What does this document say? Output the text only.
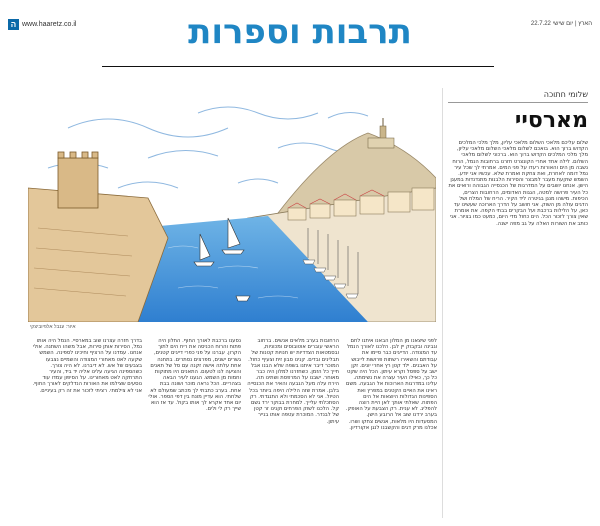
ה www.haaretz.co.il	תרבות וספרות	הארץ | יום שישי 22.7.22
איור: ענבל אלפיוביצקי
שלומי חתוכה
מארסיי
שלום עליכם מלאכי השלום מלאכי עליון, מלך מלכי המלכים הקדוש ברוך הוא. בואכם לשלום מלאכי השלום מלאכי עליון, מלך מלכי המלכים הקדוש ברוך הוא. ברכוני לשלום מלאכי השלום. לילה אחד אחרי הקונצרט חזרנו ברחובות הנמל, הרוח נשבה מן הים והאורות רעדו על פני המים. אמרתי לך שכל עיר נמל דומה לאחרת, ואת צחקת ואמרת שלא. עכשיו אני יודע. השמש שוקעת מעבר למבצר והסירות הלבנות מתנדנדות במעגן הישן. אנחנו יושבים על המדרגות של הכנסייה הגבוהה ורואים את כל העיר פרושה למטה, הגגות האדומים, הרחובות הצרים, הכיפות. מישהו מנגן בגיטרה ליד הקיר. הריח של המלח ושל הדגים עולה מן השוק. אני חושב על הדרך הארוכה שעשינו עד כאן, על הלילות ברכבת ועל הבקרים בבתי הקפה. את אומרת שאין צורך לזכור הכל. הים כחול מדי היום, כמעט כמו בציור. אני כותב את השורות האלה על גב מפה ישנה.
לפני שיצאנו מן המלון הבאנו איתנו לחם וגבינה ובקבוק יין לבן. הלכנו לאורך הנמל עד המצודה. הדייגים כבר סיימו את עבודתם והשאירו רשתות פרושות לייבוש על האבנים. ילד קטן רץ אחרי יונים. זקן ישב על ספסל וקרא עיתון. הכל היה שקט כל כך, כאילו העיר עצרה את נשימתה. עלינו במדרגות הארוכות אל הגבעה. משם ראינו את האיים הקטנים במפרץ ואת הספינות הגדולות היוצאות אל הים הפתוח. שאלתי אותך לאן היית רוצה להפליג. לא ענית. רק הצבעת על האופק. בערב ירדנו שוב אל הרובע הישן. המסעדות היו מלאות, אנשים צחקו ושרו. אכלנו מרק דגים והקשבנו לנגן אקורדיון.
הרחובות בערב מלאים אנשים. ברחוב הראשי עוברים אוטובוסים ומכוניות, ובסמטאות הצדדיות יש חנויות קטנות של תבלינים ובדים. קנינו סבון זית וצעיף כחול. המוכר דיבר איתנו בשפה שלא הבנו אבל חייך כל הזמן. כשחזרנו למלון היה כבר מאוחר. ישבנו על המרפסת ושתינו תה. הירח עלה מעל הגבעה והאיר את הכנסייה בלבן. אמרת שזה הלילה היפה ביותר בכל הטיול. אני לא הסכמתי ולא התנגדתי. רק הסתכלתי עלייך. למחרת בבוקר ירד גשם קל. הלכנו לשוק הפרחים וקנינו זר קטן של לבנדר. המוכרת עטפה אותו בנייר עיתון.
נסענו ברכבת לאורך החוף. החלון היה פתוח והרוח הכניסה את ריח הים לתוך הקרון. עברנו על פני כפרי דייגים קטנים, גשרים ישנים, מפרצים נסתרים. בתחנה אחת עלתה אישה זקנה עם סל של תאנים והציעה לנו לטעום. התאנים היו מתוקות וחמות מן השמש. הגענו לעיר הבאה בצהריים. הכל נראה מוכר ושונה בבת אחת. בערב כתבתי לך מכתב שמעולם לא שלחתי. הוא עדיין מונח בין דפי הספר. אולי יום אחד אקרא לך אותו בקול. עד אז הוא שייך רק לי ולים.
בדרך חזרה עצרנו שוב במארסיי. הנמל היה אותו נמל, הסירות אותן סירות, אבל משהו השתנה. אולי אנחנו. עמדנו על הרציף וחיכינו לספינה. השמש שקעה לאט מאחורי המצודה והשמיים נצבעו בצבעים של אש. לא דיברנו. לא היה צורך. כשהספינה הגיעה עלינו אליה יד ביד, והעיר התרחקה לאט מאחורינו. על הסיפון עמדו עוד נוסעים שצילמו את האורות הנדלקים לאורך החוף. אני לא צילמתי. רציתי לזכור את זה רק בעיניים.
